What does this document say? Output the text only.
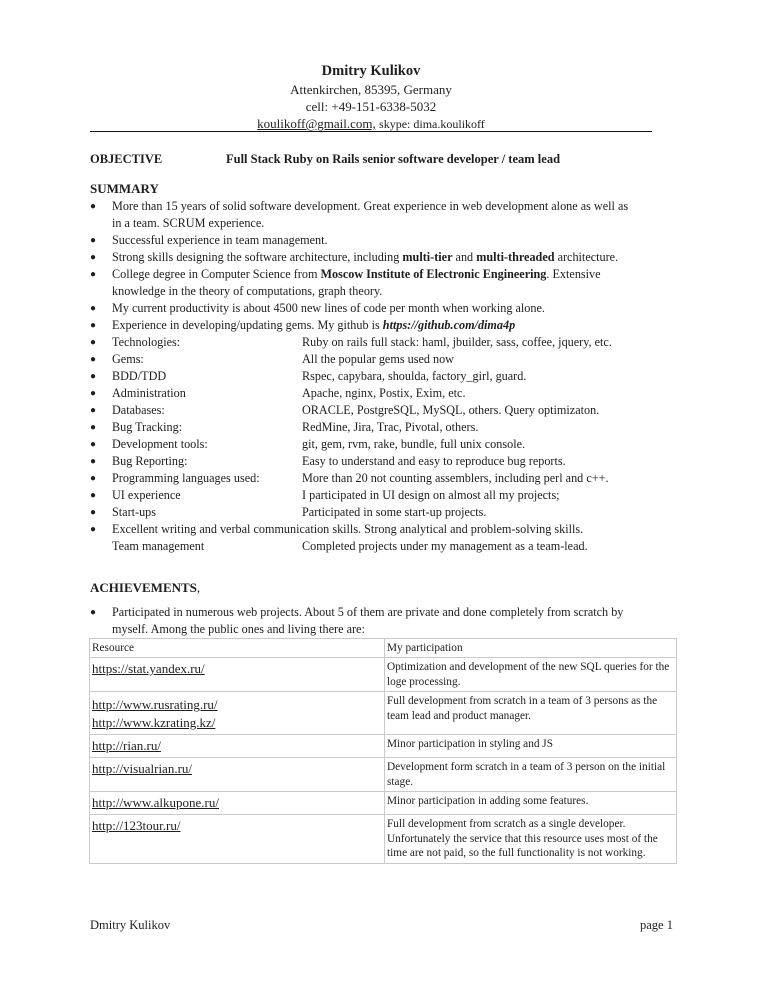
Dmitry Kulikov
Attenkirchen, 85395, Germany
cell: +49-151-6338-5032
koulikoff@gmail.com, skype: dima.koulikoff
OBJECTIVE	Full Stack Ruby on Rails senior software developer / team lead
SUMMARY
● More than 15 years of solid software development. Great experience in web development alone as well as
in a team. SCRUM experience.
● Successful experience in team management.
● Strong skills designing the software architecture, including multi-tier and multi-threaded architecture.
● College degree in Computer Science from Moscow Institute of Electronic Engineering. Extensive
knowledge in the theory of computations, graph theory.
● My current productivity is about 4500 new lines of code per month when working alone.
● Experience in developing/updating gems. My github is https://github.com/dima4p
● Technologies:	Ruby on rails full stack: haml, jbuilder, sass, coffee, jquery, etc.
● Gems:	All the popular gems used now
● BDD/TDD	Rspec, capybara, shoulda, factory_girl, guard.
● Administration	Apache, nginx, Postix, Exim, etc.
● Databases:	ORACLE, PostgreSQL, MySQL, others. Query optimizaton.
● Bug Tracking:	RedMine, Jira, Trac, Pivotal, others.
● Development tools:	git, gem, rvm, rake, bundle, full unix console.
● Bug Reporting:	Easy to understand and easy to reproduce bug reports.
● Programming languages used:	More than 20 not counting assemblers, including perl and c++.
● UI experience	I participated in UI design on almost all my projects;
● Start-ups	Participated in some start-up projects.
● Excellent writing and verbal communication skills. Strong analytical and problem-solving skills.
Team management	Completed projects under my management as a team-lead.
ACHIEVEMENTS,
● Participated in numerous web projects. About 5 of them are private and done completely from scratch by
myself. Among the public ones and living there are:
Resource	My participation
https://stat.yandex.ru/	Optimization and development of the new SQL queries for the loge processing.

http://www.rusrating.ru/
http://www.kzrating.kz/	Full development from scratch in a team of 3 persons as the team lead and product manager.
http://rian.ru/	Minor participation in styling and JS
http://visualrian.ru/	Development form scratch in a team of 3 person on the initial stage.
http://www.alkupone.ru/	Minor participation in adding some features.
http://123tour.ru/	Full development from scratch as a single developer. Unfortunately the service that this resource uses most of the time are not paid, so the full functionality is not working.
Dmitry Kulikov	page 1
